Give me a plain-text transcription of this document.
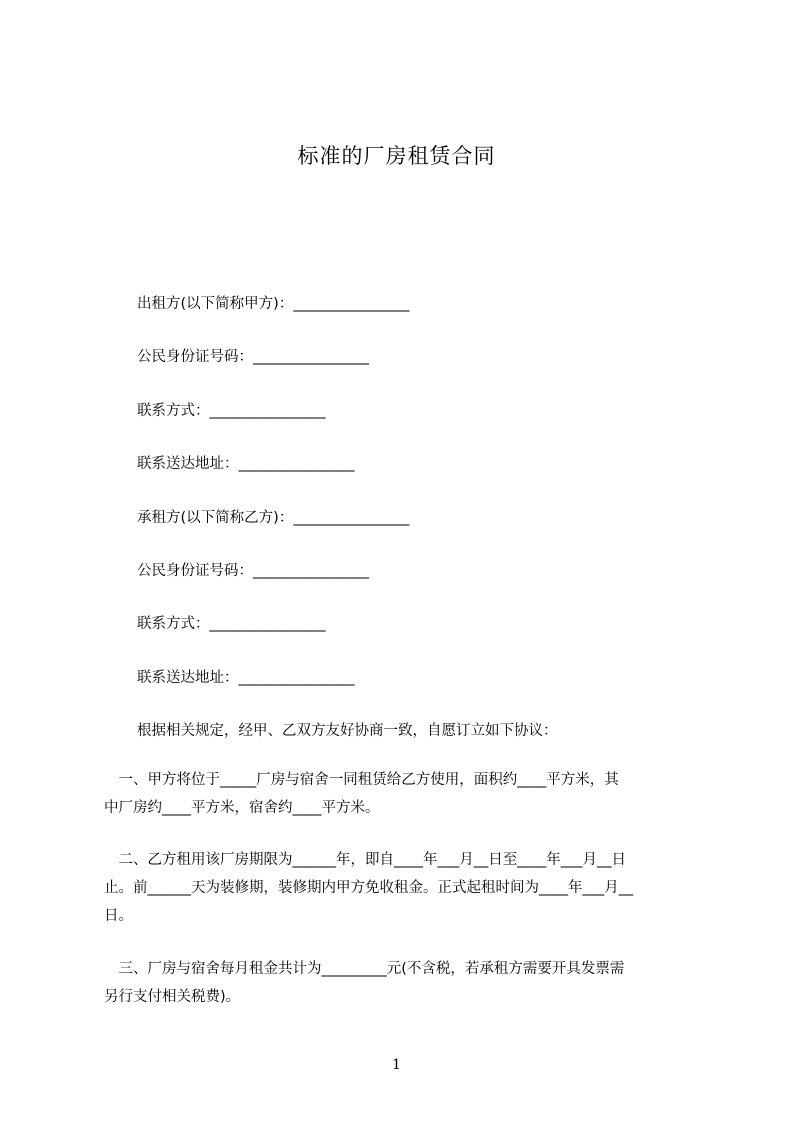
标准的厂房租赁合同
出租方(以下简称甲方)：________________
公民身份证号码：________________
联系方式：________________
联系送达地址：________________
承租方(以下简称乙方)：________________
公民身份证号码：________________
联系方式：________________
联系送达地址：________________
根据相关规定，经甲、乙双方友好协商一致，自愿订立如下协议：
　一、甲方将位于_____厂房与宿舍一同租赁给乙方使用，面积约____平方米，其
中厂房约____平方米，宿舍约____平方米。
　二、乙方租用该厂房期限为______年，即自____年___月__日至____年___月__日
止。前______天为装修期，装修期内甲方免收租金。正式起租时间为____年___月__
日。
　三、厂房与宿舍每月租金共计为_________元(不含税，若承租方需要开具发票需
另行支付相关税费)。
1
